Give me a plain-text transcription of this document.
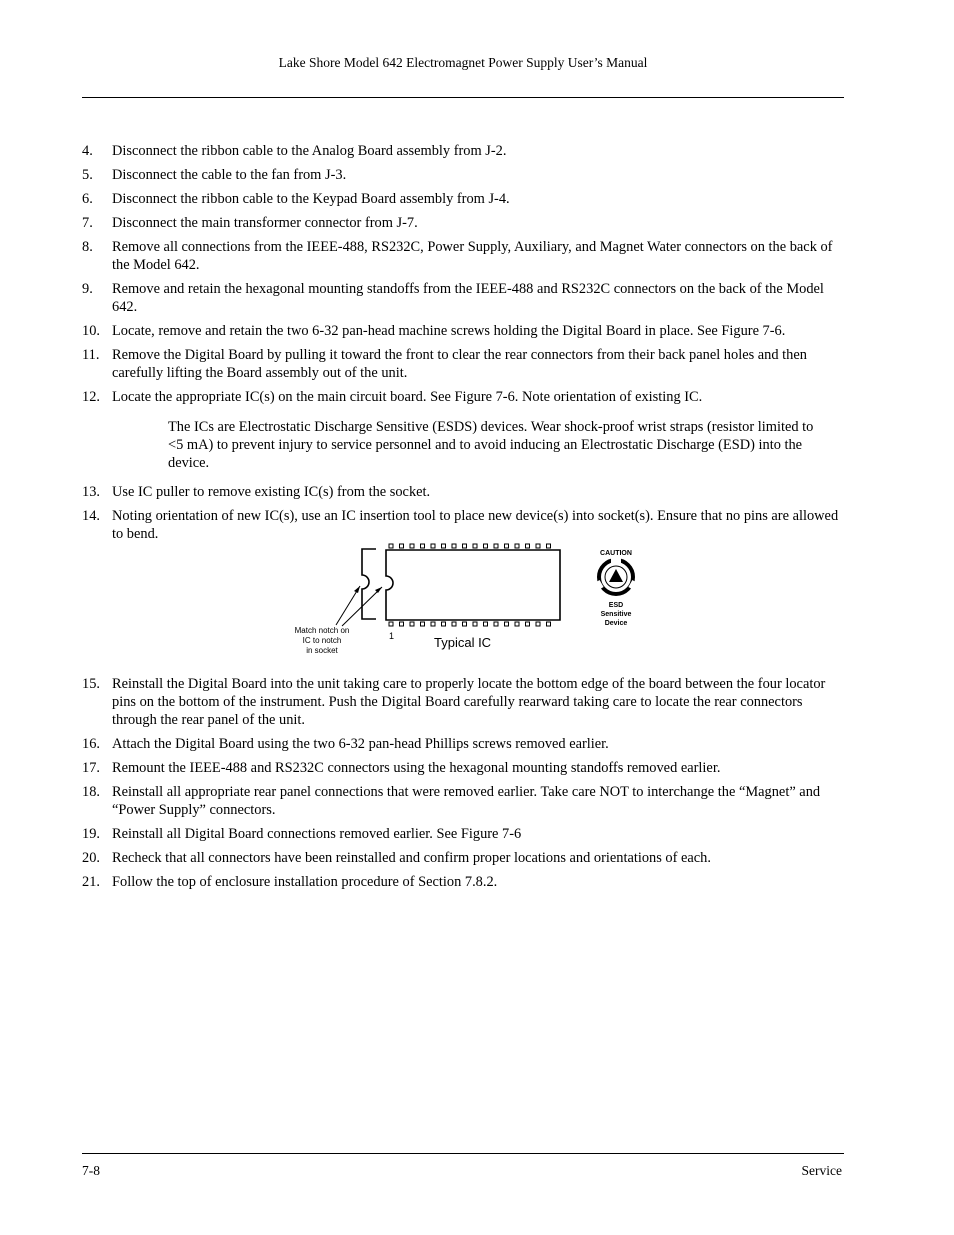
Lake Shore Model 642 Electromagnet Power Supply User’s Manual
4.	Disconnect the ribbon cable to the Analog Board assembly from J-2.
5.	Disconnect the cable to the fan from J-3.
6.	Disconnect the ribbon cable to the Keypad Board assembly from J-4.
7.	Disconnect the main transformer connector from J-7.
8.	Remove all connections from the IEEE-488, RS232C, Power Supply, Auxiliary, and Magnet Water connectors on the back of the Model 642.
9.	Remove and retain the hexagonal mounting standoffs from the IEEE-488 and RS232C connectors on the back of the Model 642.
10. Locate, remove and retain the two 6-32 pan-head machine screws holding the Digital Board in place. See Figure 7-6.
11. Remove the Digital Board by pulling it toward the front to clear the rear connectors from their back panel holes and then carefully lifting the Board assembly out of the unit.
12. Locate the appropriate IC(s) on the main circuit board. See Figure 7-6. Note orientation of existing IC.
The ICs are Electrostatic Discharge Sensitive (ESDS) devices. Wear shock-proof wrist straps (resistor limited to <5 mA) to prevent injury to service personnel and to avoid inducing an Electrostatic Discharge (ESD) into the device.
13. Use IC puller to remove existing IC(s) from the socket.
14. Noting orientation of new IC(s), use an IC insertion tool to place new device(s) into socket(s). Ensure that no pins are allowed to bend.
Match notch on
IC to notch
in socket
1	Typical IC
CAUTION
ESD
Sensitive
Device
15. Reinstall the Digital Board into the unit taking care to properly locate the bottom edge of the board between the four locator pins on the bottom of the instrument. Push the Digital Board carefully rearward taking care to locate the rear connectors through the rear panel of the unit.
16. Attach the Digital Board using the two 6-32 pan-head Phillips screws removed earlier.
17. Remount the IEEE-488 and RS232C connectors using the hexagonal mounting standoffs removed earlier.
18. Reinstall all appropriate rear panel connections that were removed earlier. Take care NOT to interchange the “Magnet” and “Power Supply” connectors.
19. Reinstall all Digital Board connections removed earlier. See Figure 7-6
20. Recheck that all connectors have been reinstalled and confirm proper locations and orientations of each.
21. Follow the top of enclosure installation procedure of Section 7.8.2.
7-8	Service
